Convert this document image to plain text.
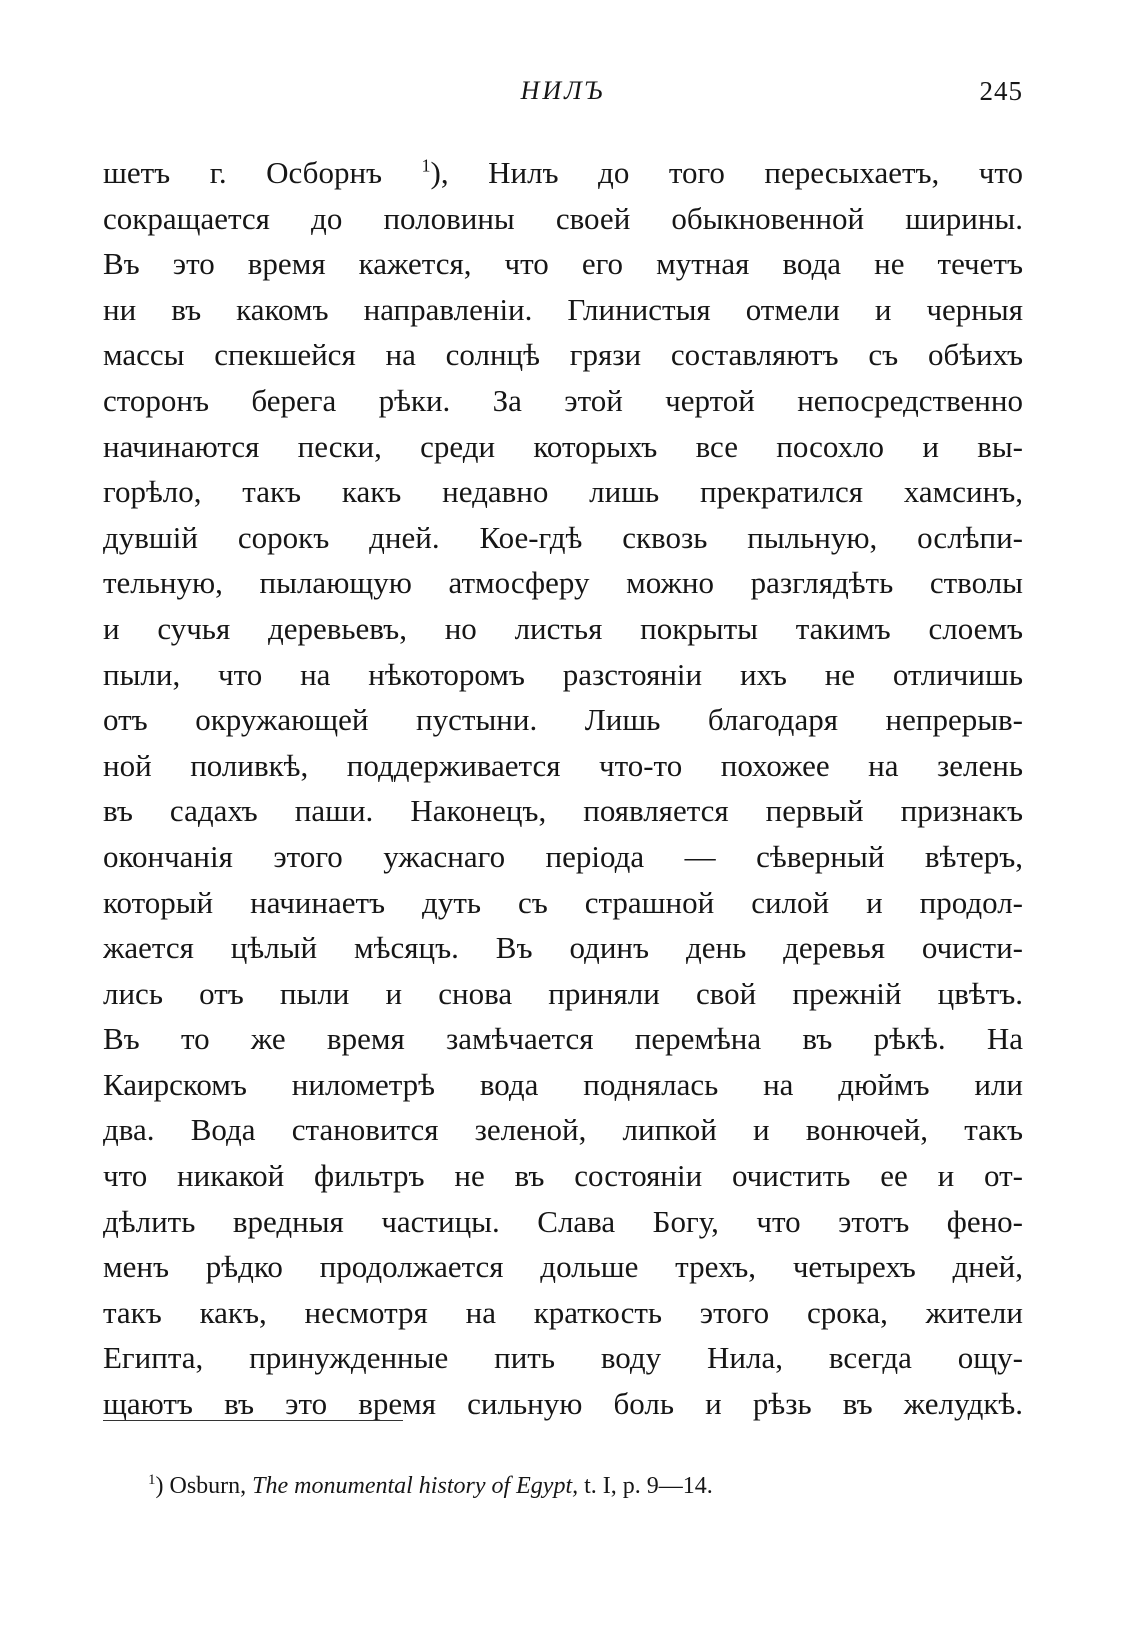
НИЛЪ	245
шетъ г. Осборнъ $^1$), Нилъ до того пересыхаетъ, что
сокращается до половины своей обыкновенной ширины.
Въ это время кажется, что его мутная вода не течетъ
ни въ какомъ направленiи. Глинистыя отмели и черныя
массы спекшейся на солнцѣ грязи составляютъ съ обѣихъ
сторонъ берега рѣки. За этой чертой непосредственно
начинаются пески, среди которыхъ все посохло и вы-
горѣло, такъ какъ недавно лишь прекратился хамсинъ,
дувшiй сорокъ дней. Кое-гдѣ сквозь пыльную, ослѣпи-
тельную, пылающую атмосферу можно разглядѣть стволы
и сучья деревьевъ, но листья покрыты такимъ слоемъ
пыли, что на нѣкоторомъ разстоянiи ихъ не отличишь
отъ окружающей пустыни. Лишь благодаря непрерыв-
ной поливкѣ, поддерживается что-то похожее на зелень
въ садахъ паши. Наконецъ, появляется первый признакъ
окончанiя этого ужаснаго перiода — сѣверный вѣтеръ,
который начинаетъ дуть съ страшной силой и продол-
жается цѣлый мѣсяцъ. Въ одинъ день деревья очисти-
лись отъ пыли и снова приняли свой прежнiй цвѣтъ.
Въ то же время замѣчается перемѣна въ рѣкѣ. На
Каирскомъ нилометрѣ вода поднялась на дюймъ или
два. Вода становится зеленой, липкой и вонючей, такъ
что никакой фильтръ не въ состоянiи очистить ее и от-
дѣлить вредныя частицы. Слава Богу, что этотъ фено-
менъ рѣдко продолжается дольше трехъ, четырехъ дней,
такъ какъ, несмотря на краткость этого срока, жители
Египта, принужденные пить воду Нила, всегда ощу-
щаютъ въ это время сильную боль и рѣзь въ желудкѣ.
$^1$) Osburn, The monumental history of Egypt, t. I, p. 9—14.
